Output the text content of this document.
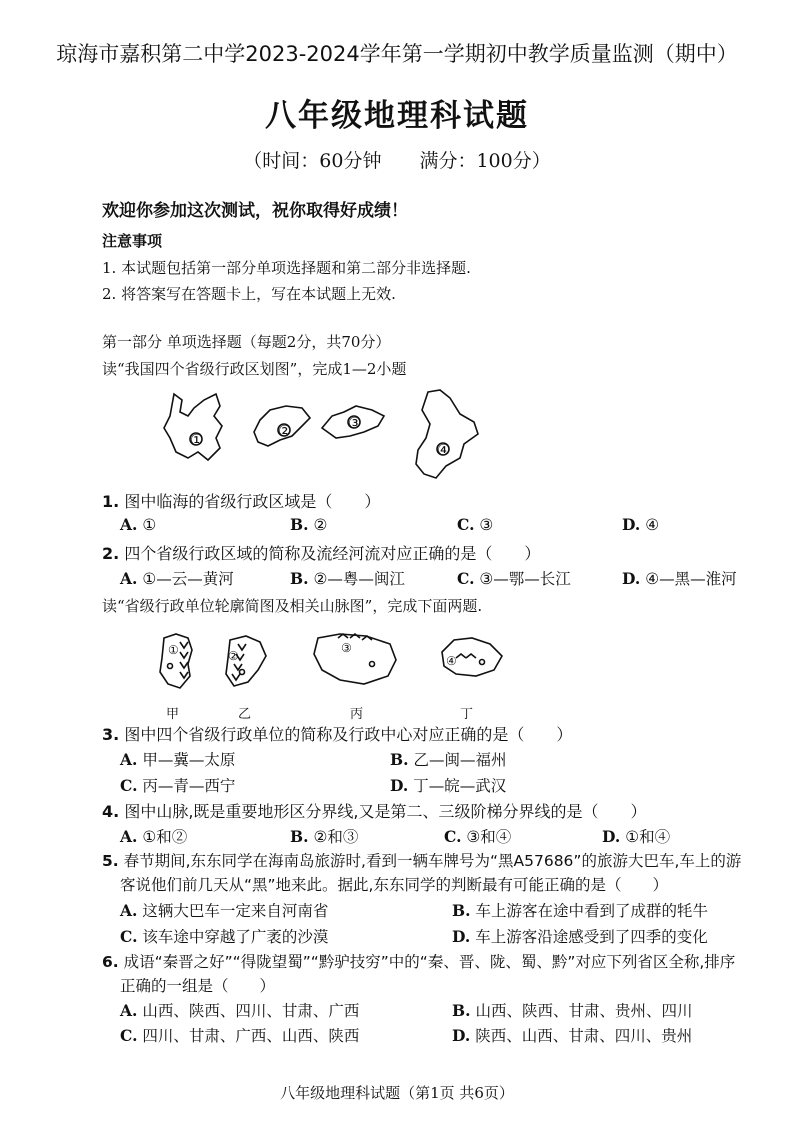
琼海市嘉积第二中学2023-2024学年第一学期初中教学质量监测（期中）
八年级地理科试题
（时间：60分钟　　满分：100分）
欢迎你参加这次测试，祝你取得好成绩！
注意事项
1. 本试题包括第一部分单项选择题和第二部分非选择题.
2. 将答案写在答题卡上，写在本试题上无效.
第一部分 单项选择题（每题2分，共70分）
读“我国四个省级行政区划图”，完成1—2小题
①	②	③
④
1. 图中临海的省级行政区域是（　　）
A. ①	B. ②	C. ③	D. ④
2. 四个省级行政区域的简称及流经河流对应正确的是（　　）
A. ①—云—黄河	B. ②—粤—闽江	C. ③—鄂—长江	D. ④—黑—淮河
读“省级行政单位轮廓简图及相关山脉图”，完成下面两题.
①	②
③
④
甲	乙	丙	丁
3. 图中四个省级行政单位的简称及行政中心对应正确的是（　　）
A. 甲—冀—太原	B. 乙—闽—福州
C. 丙—青—西宁	D. 丁—皖—武汉
4. 图中山脉,既是重要地形区分界线,又是第二、三级阶梯分界线的是（　　）
A. ①和②	B. ②和③	C. ③和④	D. ①和④
5. 春节期间,东东同学在海南岛旅游时,看到一辆车牌号为“黑A57686”的旅游大巴车,车上的游
客说他们前几天从“黑”地来此。据此,东东同学的判断最有可能正确的是（　　）
A. 这辆大巴车一定来自河南省	B. 车上游客在途中看到了成群的牦牛
C. 该车途中穿越了广袤的沙漠	D. 车上游客沿途感受到了四季的变化
6. 成语“秦晋之好”“得陇望蜀”“黔驴技穷”中的“秦、晋、陇、蜀、黔”对应下列省区全称,排序
正确的一组是（　　）
A. 山西、陕西、四川、甘肃、广西	B. 山西、陕西、甘肃、贵州、四川
C. 四川、甘肃、广西、山西、陕西	D. 陕西、山西、甘肃、四川、贵州
八年级地理科试题（第1页 共6页）
